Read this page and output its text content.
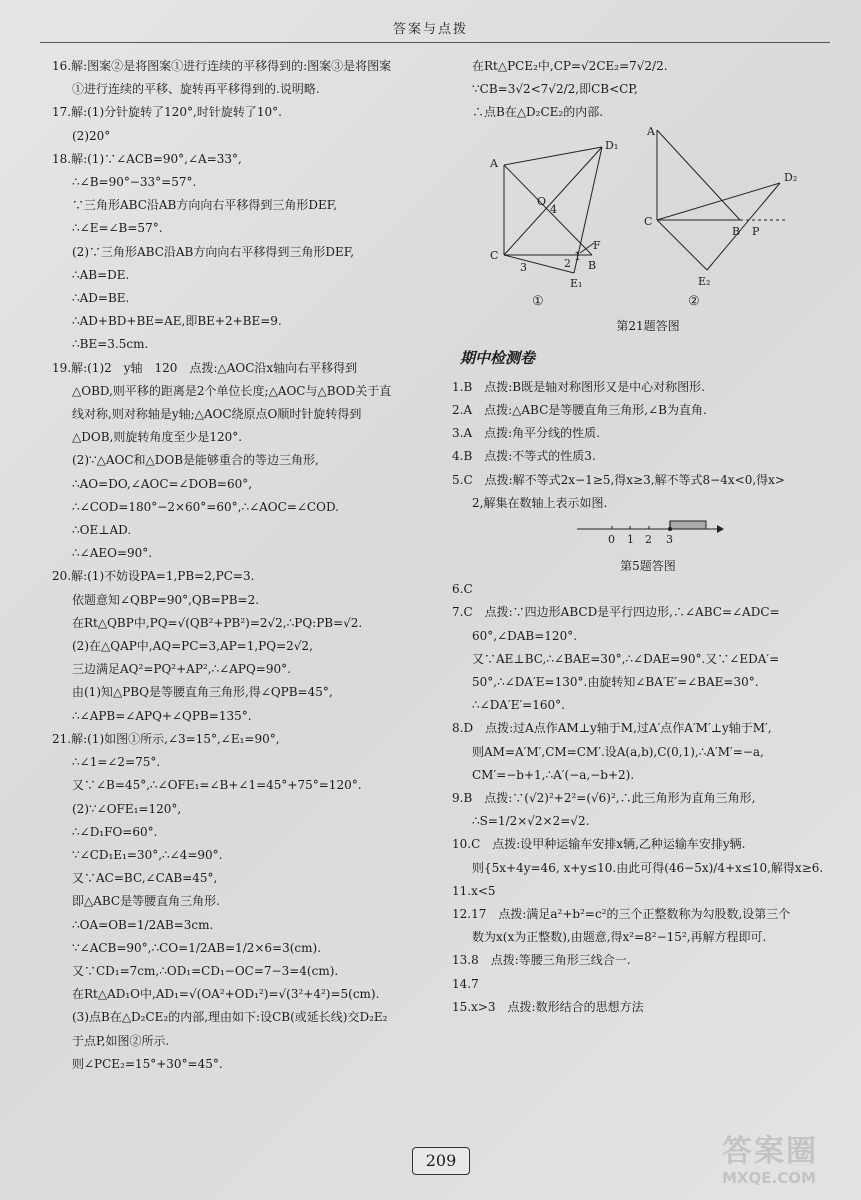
答案与点拨
16.解:图案②是将图案①进行连续的平移得到的:图案③是将图案
①进行连续的平移、旋转再平移得到的.说明略.
17.解:(1)分针旋转了120°,时针旋转了10°.
(2)20°
18.解:(1)∵∠ACB=90°,∠A=33°,
∴∠B=90°−33°=57°.
∵三角形ABC沿AB方向向右平移得到三角形DEF,
∴∠E=∠B=57°.
(2)∵三角形ABC沿AB方向向右平移得到三角形DEF,
∴AB=DE.
∴AD=BE.
∴AD+BD+BE=AE,即BE+2+BE=9.
∴BE=3.5cm.
19.解:(1)2　y轴　120　点拨:△AOC沿x轴向右平移得到
△OBD,则平移的距离是2个单位长度;△AOC与△BOD关于直
线对称,则对称轴是y轴;△AOC绕原点O顺时针旋转得到
△DOB,则旋转角度至少是120°.
(2)∵△AOC和△DOB是能够重合的等边三角形,
∴AO=DO,∠AOC=∠DOB=60°,
∴∠COD=180°−2×60°=60°,∴∠AOC=∠COD.
∴OE⊥AD.
∴∠AEO=90°.
20.解:(1)不妨设PA=1,PB=2,PC=3.
依题意知∠QBP=90°,QB=PB=2.
在Rt△QBP中,PQ=√(QB²+PB²)=2√2,∴PQ:PB=√2.
(2)在△QAP中,AQ=PC=3,AP=1,PQ=2√2,
三边满足AQ²=PQ²+AP²,∴∠APQ=90°.
由(1)知△PBQ是等腰直角三角形,得∠QPB=45°,
∴∠APB=∠APQ+∠QPB=135°.
21.解:(1)如图①所示,∠3=15°,∠E₁=90°,
∴∠1=∠2=75°.
又∵∠B=45°,∴∠OFE₁=∠B+∠1=45°+75°=120°.
(2)∵∠OFE₁=120°,
∴∠D₁FO=60°.
∵∠CD₁E₁=30°,∴∠4=90°.
又∵AC=BC,∠CAB=45°,
即△ABC是等腰直角三角形.
∴OA=OB=1/2AB=3cm.
∵∠ACB=90°,∴CO=1/2AB=1/2×6=3(cm).
又∵CD₁=7cm,∴OD₁=CD₁−OC=7−3=4(cm).
在Rt△AD₁O中,AD₁=√(OA²+OD₁²)=√(3²+4²)=5(cm).
(3)点B在△D₂CE₂的内部,理由如下:设CB(或延长线)交D₂E₂
于点P,如图②所示.
则∠PCE₂=15°+30°=45°.
在Rt△PCE₂中,CP=√2CE₂=7√2/2.
∵CB=3√2<7√2/2,即CB<CP,
∴点B在△D₂CE₂的内部.
A
C
B
O
D₁
E₁
F
1
2
3
4
①
A
C
B P
D₂
E₂
②
第21题答图
期中检测卷
1.B　点拨:B既是轴对称图形又是中心对称图形.
2.A　点拨:△ABC是等腰直角三角形,∠B为直角.
3.A　点拨:角平分线的性质.
4.B　点拨:不等式的性质3.
5.C　点拨:解不等式2x−1≥5,得x≥3,解不等式8−4x<0,得x>
2,解集在数轴上表示如图.
0 1 2 3
第5题答图
6.C
7.C　点拨:∵四边形ABCD是平行四边形,∴∠ABC=∠ADC=
60°,∠DAB=120°.
又∵AE⊥BC,∴∠BAE=30°,∴∠DAE=90°.又∵∠EDA′=
50°,∴∠DA′E=130°.由旋转知∠BA′E′=∠BAE=30°.
∴∠DA′E′=160°.
8.D　点拨:过A点作AM⊥y轴于M,过A′点作A′M′⊥y轴于M′,
则AM=A′M′,CM=CM′.设A(a,b),C(0,1),∴A′M′=−a,
CM′=−b+1,∴A′(−a,−b+2).
9.B　点拨:∵(√2)²+2²=(√6)²,∴此三角形为直角三角形,
∴S=1/2×√2×2=√2.
10.C　点拨:设甲种运输车安排x辆,乙种运输车安排y辆.
则{5x+4y=46, x+y≤10.由此可得(46−5x)/4+x≤10,解得x≥6.
11.x<5
12.17　点拨:满足a²+b²=c²的三个正整数称为勾股数,设第三个
数为x(x为正整数),由题意,得x²=8²−15²,再解方程即可.
13.8　点拨:等腰三角形三线合一.
14.7
15.x>3　点拨:数形结合的思想方法
209	答案圈
MXQE.COM
